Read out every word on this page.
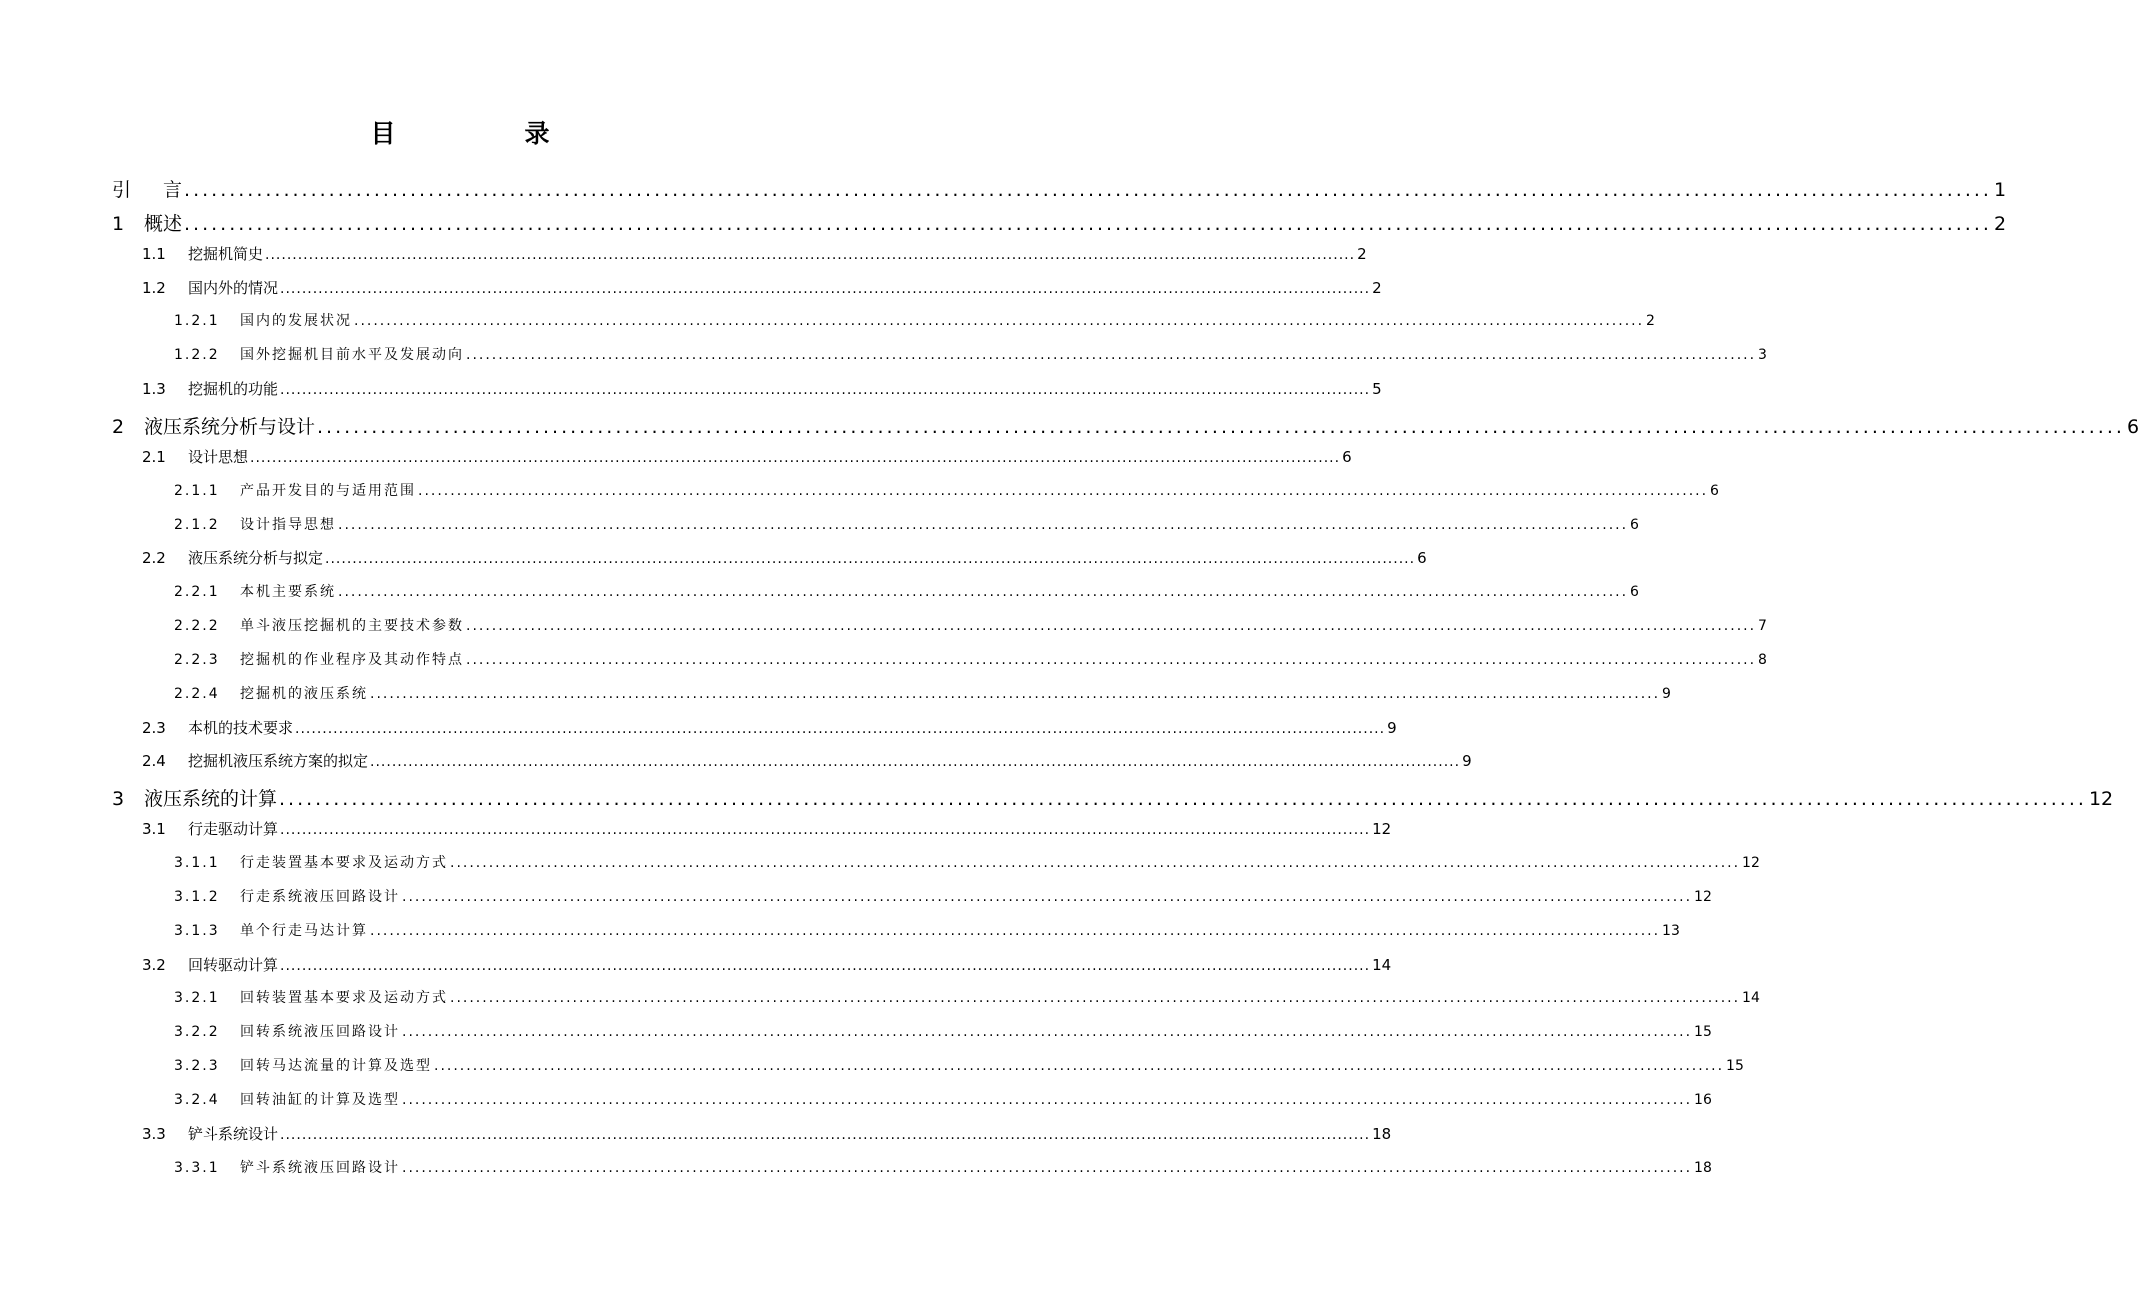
目　录
引　 言 ........................................................................................................................................................................................................ 1
1 概述 ........................................................................................................................................................................................................ 2
1.1 挖掘机简史 ........................................................................................................................................................................................................ 2
1.2 国内外的情况 ........................................................................................................................................................................................................ 2
1.2.1 国内的发展状况 ........................................................................................................................................................................................................ 2
1.2.2 国外挖掘机目前水平及发展动向 ........................................................................................................................................................................................................ 3
1.3 挖掘机的功能 ........................................................................................................................................................................................................ 5
2 液压系统分析与设计 ........................................................................................................................................................................................................ 6
2.1 设计思想 ........................................................................................................................................................................................................ 6
2.1.1 产品开发目的与适用范围 ........................................................................................................................................................................................................ 6
2.1.2 设计指导思想 ........................................................................................................................................................................................................ 6
2.2 液压系统分析与拟定 ........................................................................................................................................................................................................ 6
2.2.1 本机主要系统 ........................................................................................................................................................................................................ 6
2.2.2 单斗液压挖掘机的主要技术参数 ........................................................................................................................................................................................................ 7
2.2.3 挖掘机的作业程序及其动作特点 ........................................................................................................................................................................................................ 8
2.2.4 挖掘机的液压系统 ........................................................................................................................................................................................................ 9
2.3 本机的技术要求 ........................................................................................................................................................................................................ 9
2.4 挖掘机液压系统方案的拟定 ........................................................................................................................................................................................................ 9
3 液压系统的计算 ........................................................................................................................................................................................................ 12
3.1 行走驱动计算 ........................................................................................................................................................................................................ 12
3.1.1 行走装置基本要求及运动方式 ........................................................................................................................................................................................................ 12
3.1.2 行走系统液压回路设计 ........................................................................................................................................................................................................ 12
3.1.3 单个行走马达计算 ........................................................................................................................................................................................................ 13
3.2 回转驱动计算 ........................................................................................................................................................................................................ 14
3.2.1 回转装置基本要求及运动方式 ........................................................................................................................................................................................................ 14
3.2.2 回转系统液压回路设计 ........................................................................................................................................................................................................ 15
3.2.3 回转马达流量的计算及选型 ........................................................................................................................................................................................................ 15
3.2.4 回转油缸的计算及选型 ........................................................................................................................................................................................................ 16
3.3 铲斗系统设计 ........................................................................................................................................................................................................ 18
3.3.1 铲斗系统液压回路设计 ........................................................................................................................................................................................................ 18
